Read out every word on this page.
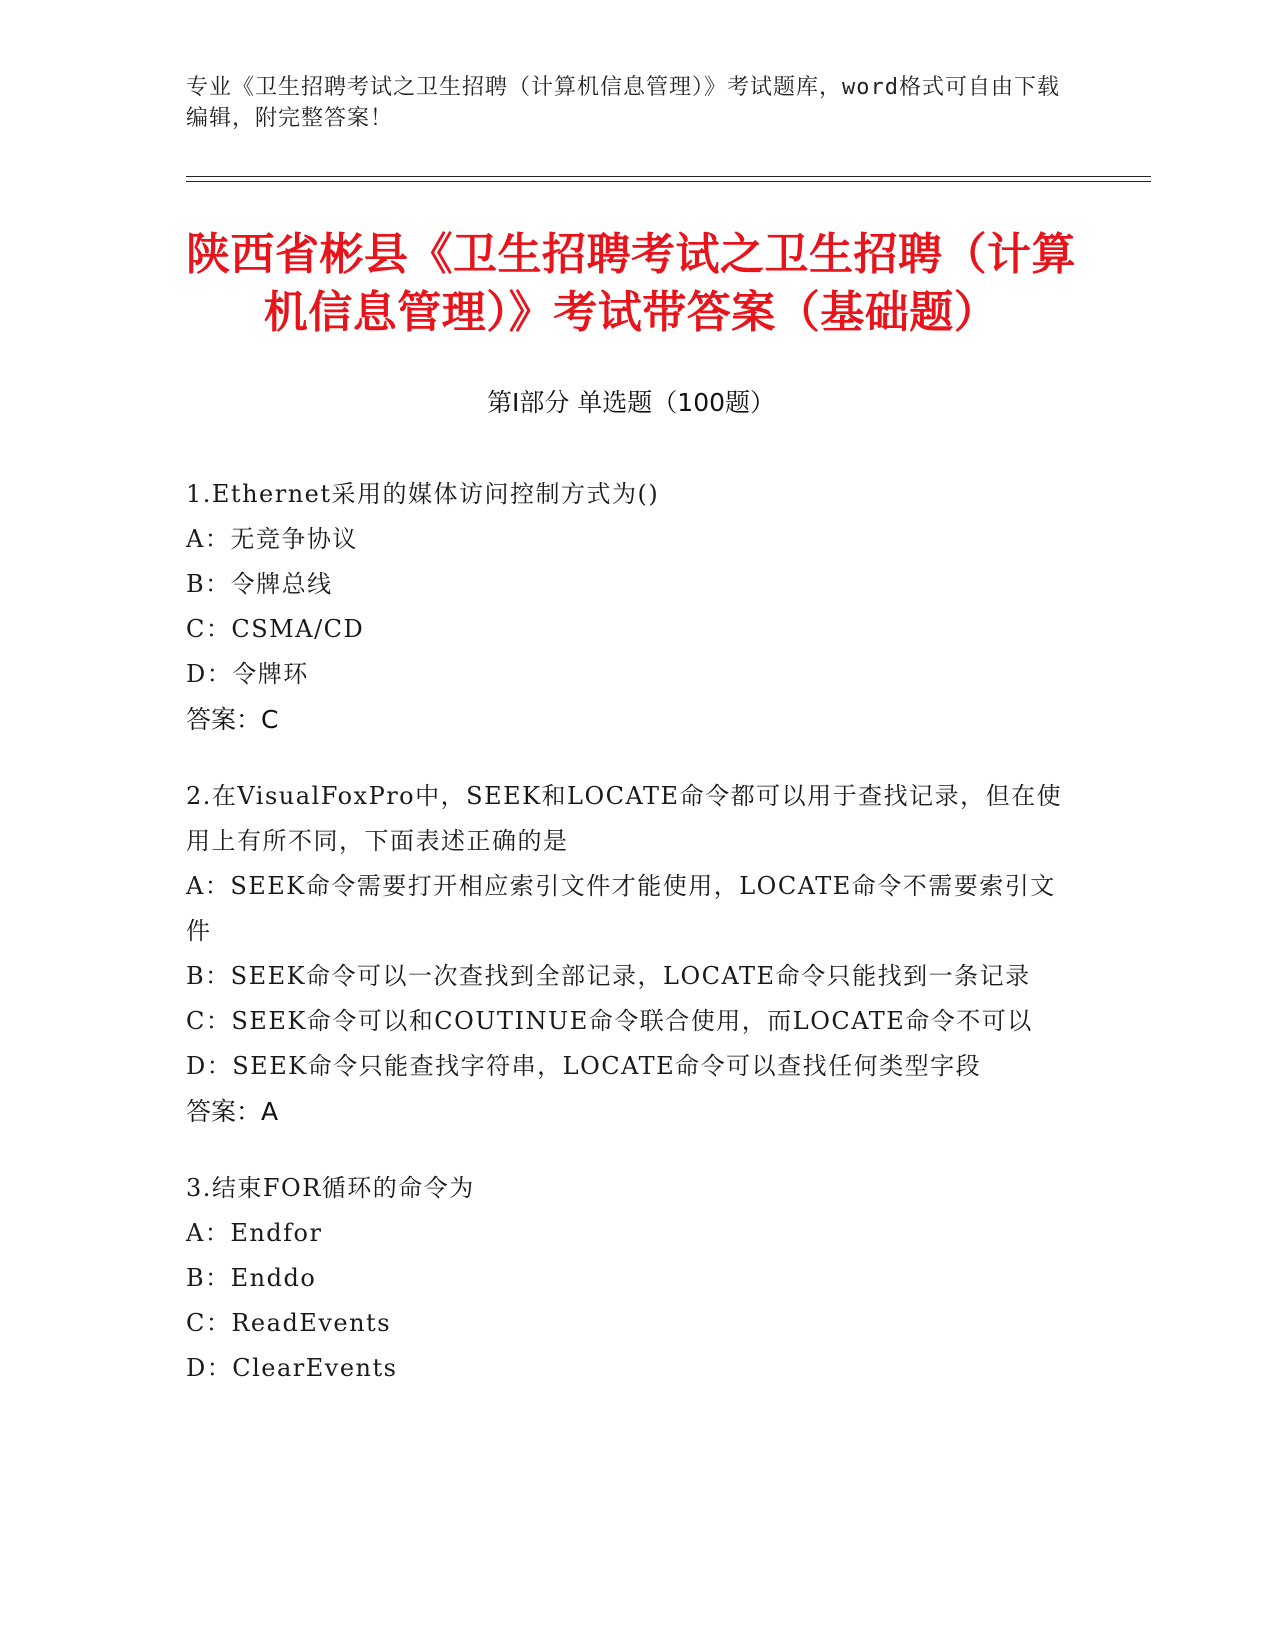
专业《卫生招聘考试之卫生招聘（计算机信息管理）》考试题库，word格式可自由下载编辑，附完整答案！
陕西省彬县《卫生招聘考试之卫生招聘（计算机信息管理）》考试带答案（基础题）
第I部分 单选题（100题）
1.Ethernet采用的媒体访问控制方式为()
A：无竞争协议
B：令牌总线
C：CSMA/CD
D：令牌环
答案：C
2.在VisualFoxPro中，SEEK和LOCATE命令都可以用于查找记录，但在使用上有所不同，下面表述正确的是
A：SEEK命令需要打开相应索引文件才能使用，LOCATE命令不需要索引文件
B：SEEK命令可以一次查找到全部记录，LOCATE命令只能找到一条记录
C：SEEK命令可以和COUTINUE命令联合使用，而LOCATE命令不可以
D：SEEK命令只能查找字符串，LOCATE命令可以查找任何类型字段
答案：A
3.结束FOR循环的命令为
A：Endfor
B：Enddo
C：ReadEvents
D：ClearEvents
